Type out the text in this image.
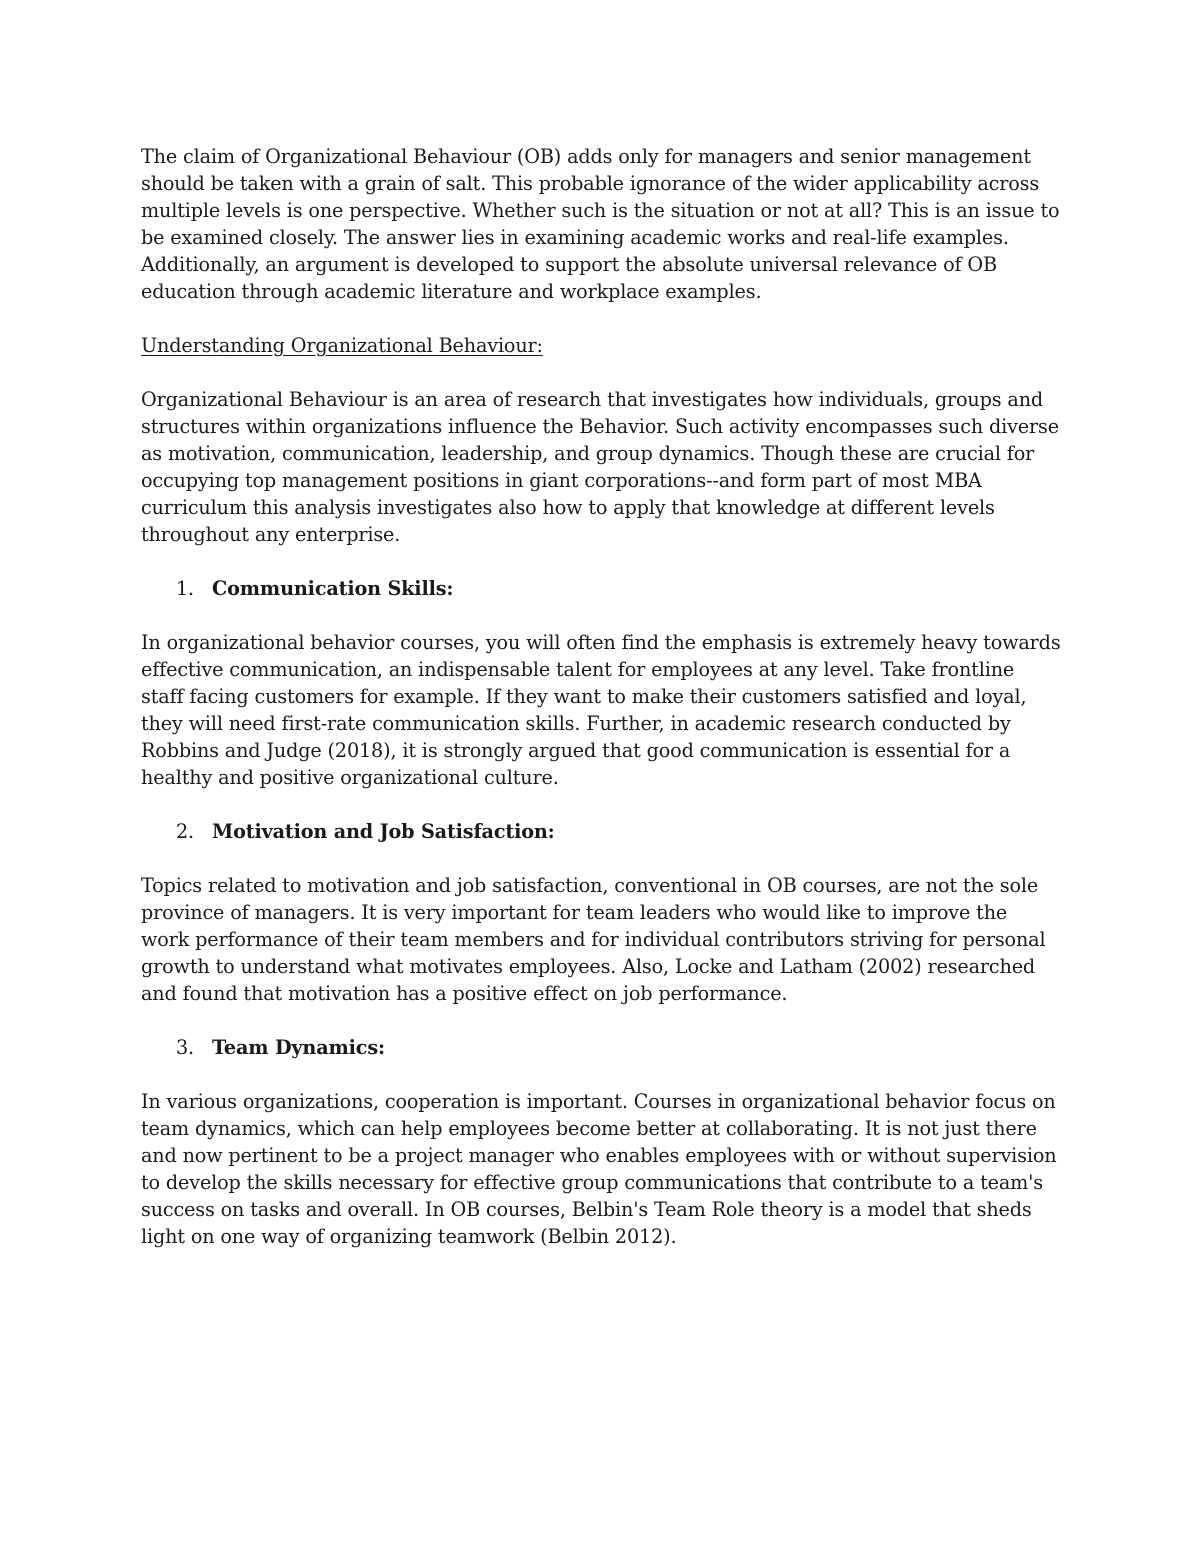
The claim of Organizational Behaviour (OB) adds only for managers and senior management should be taken with a grain of salt. This probable ignorance of the wider applicability across multiple levels is one perspective. Whether such is the situation or not at all? This is an issue to be examined closely. The answer lies in examining academic works and real-life examples. Additionally, an argument is developed to support the absolute universal relevance of OB education through academic literature and workplace examples.

Understanding Organizational Behaviour:

Organizational Behaviour is an area of research that investigates how individuals, groups and structures within organizations influence the Behavior. Such activity encompasses such diverse as motivation, communication, leadership, and group dynamics. Though these are crucial for occupying top management positions in giant corporations--and form part of most MBA curriculum this analysis investigates also how to apply that knowledge at different levels throughout any enterprise.

1. Communication Skills:

In organizational behavior courses, you will often find the emphasis is extremely heavy towards effective communication, an indispensable talent for employees at any level. Take frontline staff facing customers for example. If they want to make their customers satisfied and loyal, they will need first-rate communication skills. Further, in academic research conducted by Robbins and Judge (2018), it is strongly argued that good communication is essential for a healthy and positive organizational culture.

2. Motivation and Job Satisfaction:

Topics related to motivation and job satisfaction, conventional in OB courses, are not the sole province of managers. It is very important for team leaders who would like to improve the work performance of their team members and for individual contributors striving for personal growth to understand what motivates employees. Also, Locke and Latham (2002) researched and found that motivation has a positive effect on job performance.

3. Team Dynamics:

In various organizations, cooperation is important. Courses in organizational behavior focus on team dynamics, which can help employees become better at collaborating. It is not just there and now pertinent to be a project manager who enables employees with or without supervision to develop the skills necessary for effective group communications that contribute to a team's success on tasks and overall. In OB courses, Belbin's Team Role theory is a model that sheds light on one way of organizing teamwork (Belbin 2012).
